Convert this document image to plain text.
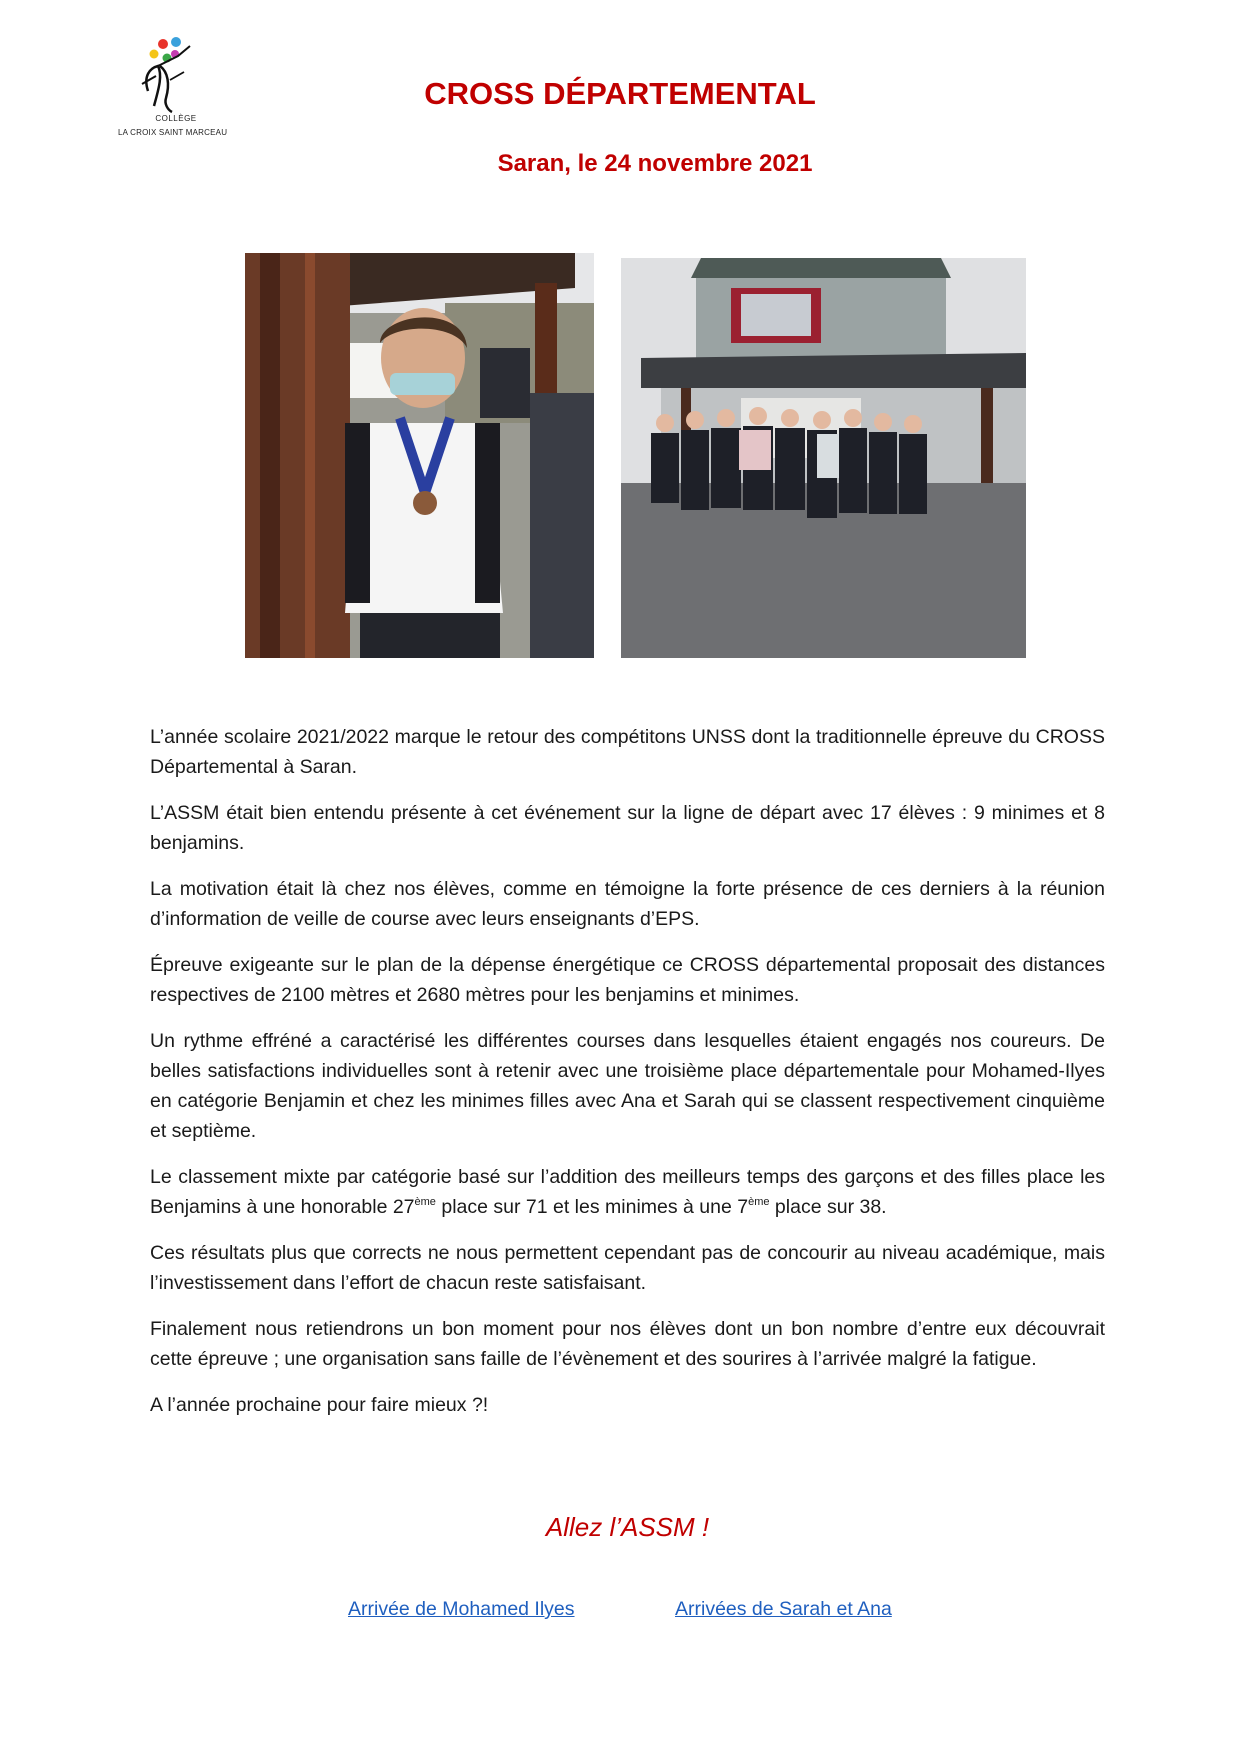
COLLÈGE
LA CROIX SAINT MARCEAU
CROSS DÉPARTEMENTAL
Saran, le 24 novembre 2021

L’année scolaire 2021/2022 marque le retour des compétitons UNSS dont la traditionnelle épreuve du CROSS Départemental à Saran.

L’ASSM était bien entendu présente à cet événement sur la ligne de départ avec 17 élèves : 9 minimes et 8 benjamins.

La motivation était là chez nos élèves, comme en témoigne la forte présence de ces derniers à la réunion d’information de veille de course avec leurs enseignants d’EPS.

Épreuve exigeante sur le plan de la dépense énergétique ce CROSS départemental proposait des distances respectives de 2100 mètres et 2680 mètres pour les benjamins et minimes.

Un rythme effréné a caractérisé les différentes courses dans lesquelles étaient engagés nos coureurs. De belles satisfactions individuelles sont à retenir avec une troisième place départementale pour Mohamed-Ilyes en catégorie Benjamin et chez les minimes filles avec Ana et Sarah qui se classent respectivement cinquième et septième.

Le classement mixte par catégorie basé sur l’addition des meilleurs temps des garçons et des filles place les Benjamins à une honorable 27ème place sur 71 et les minimes à une 7ème place sur 38.

Ces résultats plus que corrects ne nous permettent cependant pas de concourir au niveau académique, mais l’investissement dans l’effort de chacun reste satisfaisant.

Finalement nous retiendrons un bon moment pour nos élèves dont un bon nombre d’entre eux découvrait cette épreuve ; une organisation sans faille de l’évènement et des sourires à l’arrivée malgré la fatigue.

A l’année prochaine pour faire mieux ?!

Allez l’ASSM !
Arrivée de Mohamed Ilyes	Arrivées de Sarah et Ana
